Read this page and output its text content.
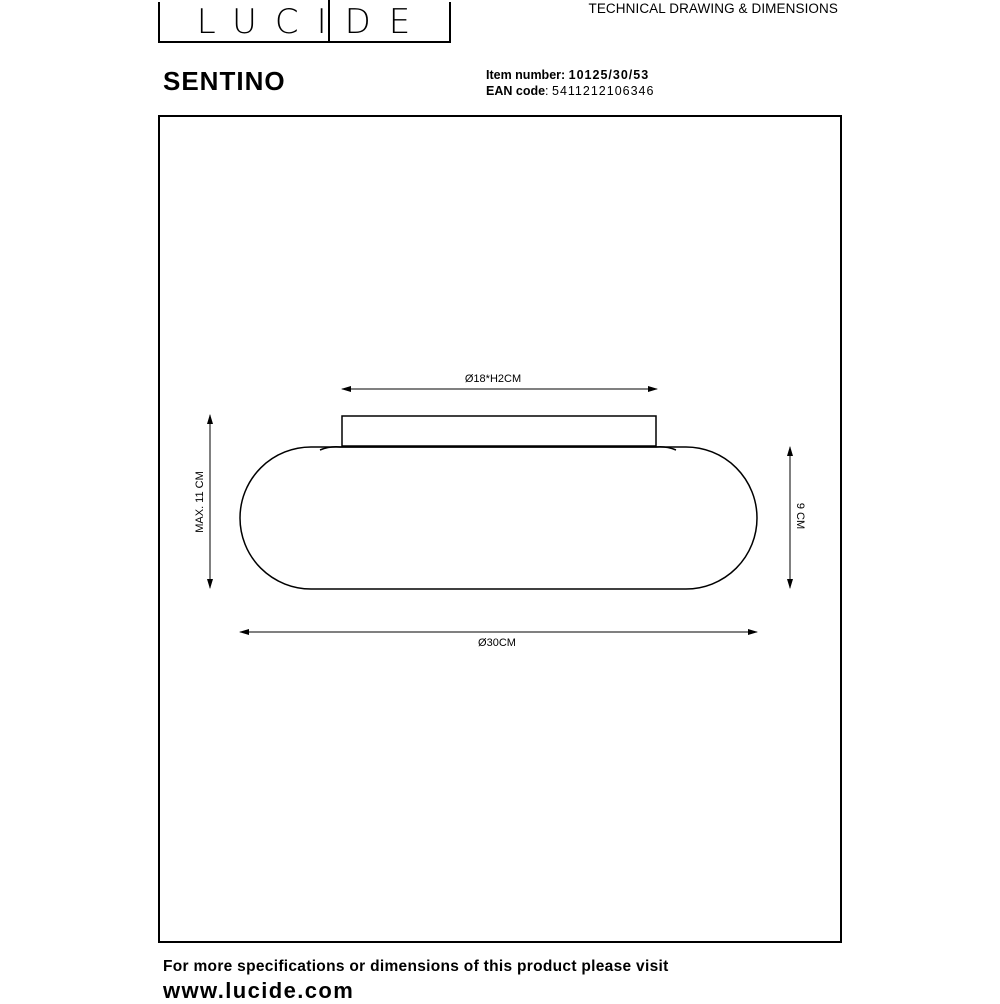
LUCIDE	TECHNICAL DRAWING & DIMENSIONS
SENTINO	Item number: 10125/30/53
EAN code: 5411212106346
Ø18*H2CM
MAX. 11 CM	9 CM
Ø30CM
For more specifications or dimensions of this product please visit
www.lucide.com
